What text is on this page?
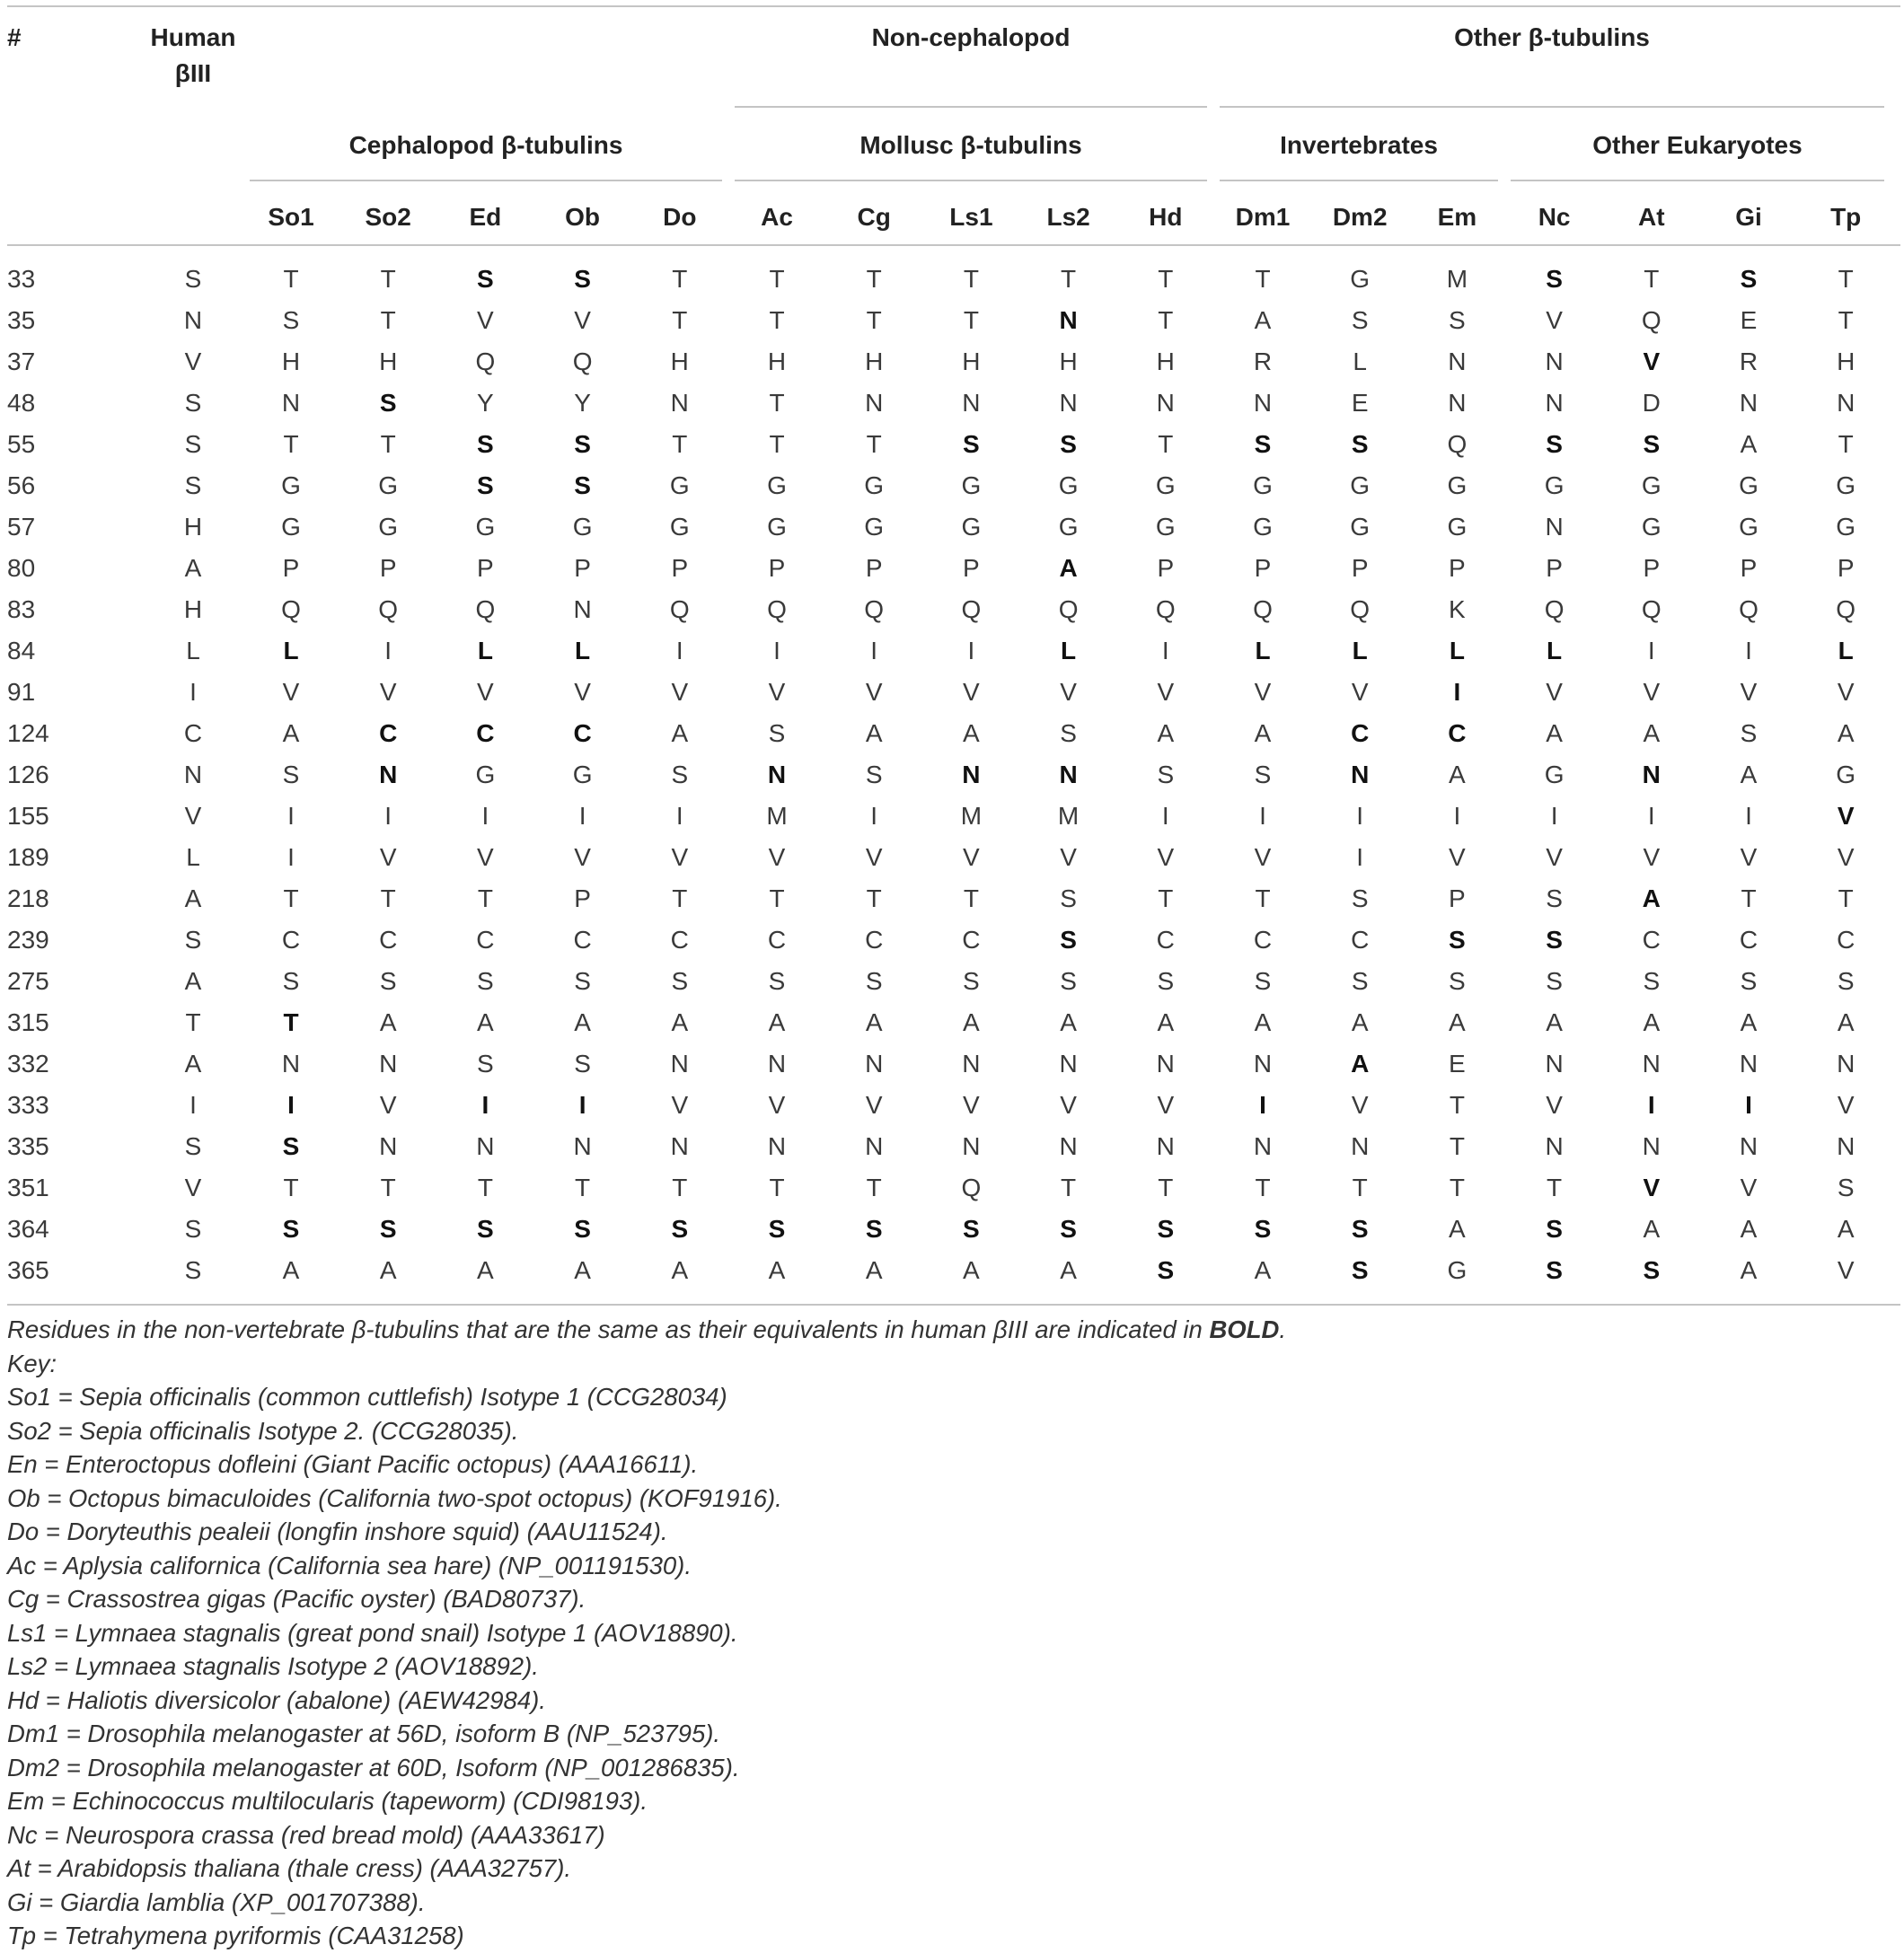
#	Human
βIII
Non-cephalopod	Other β-tubulins
Cephalopod β-tubulins	Mollusc β-tubulins	Invertebrates	Other Eukaryotes
So1	So2	Ed	Ob	Do	Ac	Cg	Ls1	Ls2	Hd	Dm1	Dm2	Em	Nc	At	Gi	Tp
33	S	T	T	S	S	T	T	T	T	T	T	T	G	M	S	T	S	T
35	N	S	T	V	V	T	T	T	T	N	T	A	S	S	V	Q	E	T
37	V	H	H	Q	Q	H	H	H	H	H	H	R	L	N	N	V	R	H
48	S	N	S	Y	Y	N	T	N	N	N	N	N	E	N	N	D	N	N
55	S	T	T	S	S	T	T	T	S	S	T	S	S	Q	S	S	A	T
56	S	G	G	S	S	G	G	G	G	G	G	G	G	G	G	G	G	G
57	H	G	G	G	G	G	G	G	G	G	G	G	G	G	N	G	G	G
80	A	P	P	P	P	P	P	P	P	A	P	P	P	P	P	P	P	P
83	H	Q	Q	Q	N	Q	Q	Q	Q	Q	Q	Q	Q	K	Q	Q	Q	Q
84	L	L	I	L	L	I	I	I	I	L	I	L	L	L	L	I	I	L
91	I	V	V	V	V	V	V	V	V	V	V	V	V	I	V	V	V	V
124	C	A	C	C	C	A	S	A	A	S	A	A	C	C	A	A	S	A
126	N	S	N	G	G	S	N	S	N	N	S	S	N	A	G	N	A	G
155	V	I	I	I	I	I	M	I	M	M	I	I	I	I	I	I	I	V
189	L	I	V	V	V	V	V	V	V	V	V	V	I	V	V	V	V	V
218	A	T	T	T	P	T	T	T	T	S	T	T	S	P	S	A	T	T
239	S	C	C	C	C	C	C	C	C	S	C	C	C	S	S	C	C	C
275	A	S	S	S	S	S	S	S	S	S	S	S	S	S	S	S	S	S
315	T	T	A	A	A	A	A	A	A	A	A	A	A	A	A	A	A	A
332	A	N	N	S	S	N	N	N	N	N	N	N	A	E	N	N	N	N
333	I	I	V	I	I	V	V	V	V	V	V	I	V	T	V	I	I	V
335	S	S	N	N	N	N	N	N	N	N	N	N	N	T	N	N	N	N
351	V	T	T	T	T	T	T	T	Q	T	T	T	T	T	T	V	V	S
364	S	S	S	S	S	S	S	S	S	S	S	S	S	A	S	A	A	A
365	S	A	A	A	A	A	A	A	A	A	S	A	S	G	S	S	A	V
Residues in the non-vertebrate β-tubulins that are the same as their equivalents in human βIII are indicated in BOLD.
Key:
So1 = Sepia officinalis (common cuttlefish) Isotype 1 (CCG28034)
So2 = Sepia officinalis Isotype 2. (CCG28035).
En = Enteroctopus dofleini (Giant Pacific octopus) (AAA16611).
Ob = Octopus bimaculoides (California two-spot octopus) (KOF91916).
Do = Doryteuthis pealeii (longfin inshore squid) (AAU11524).
Ac = Aplysia californica (California sea hare) (NP_001191530).
Cg = Crassostrea gigas (Pacific oyster) (BAD80737).
Ls1 = Lymnaea stagnalis (great pond snail) Isotype 1 (AOV18890).
Ls2 = Lymnaea stagnalis Isotype 2 (AOV18892).
Hd = Haliotis diversicolor (abalone) (AEW42984).
Dm1 = Drosophila melanogaster at 56D, isoform B (NP_523795).
Dm2 = Drosophila melanogaster at 60D, Isoform (NP_001286835).
Em = Echinococcus multilocularis (tapeworm) (CDI98193).
Nc = Neurospora crassa (red bread mold) (AAA33617)
At = Arabidopsis thaliana (thale cress) (AAA32757).
Gi = Giardia lamblia (XP_001707388).
Tp = Tetrahymena pyriformis (CAA31258)
